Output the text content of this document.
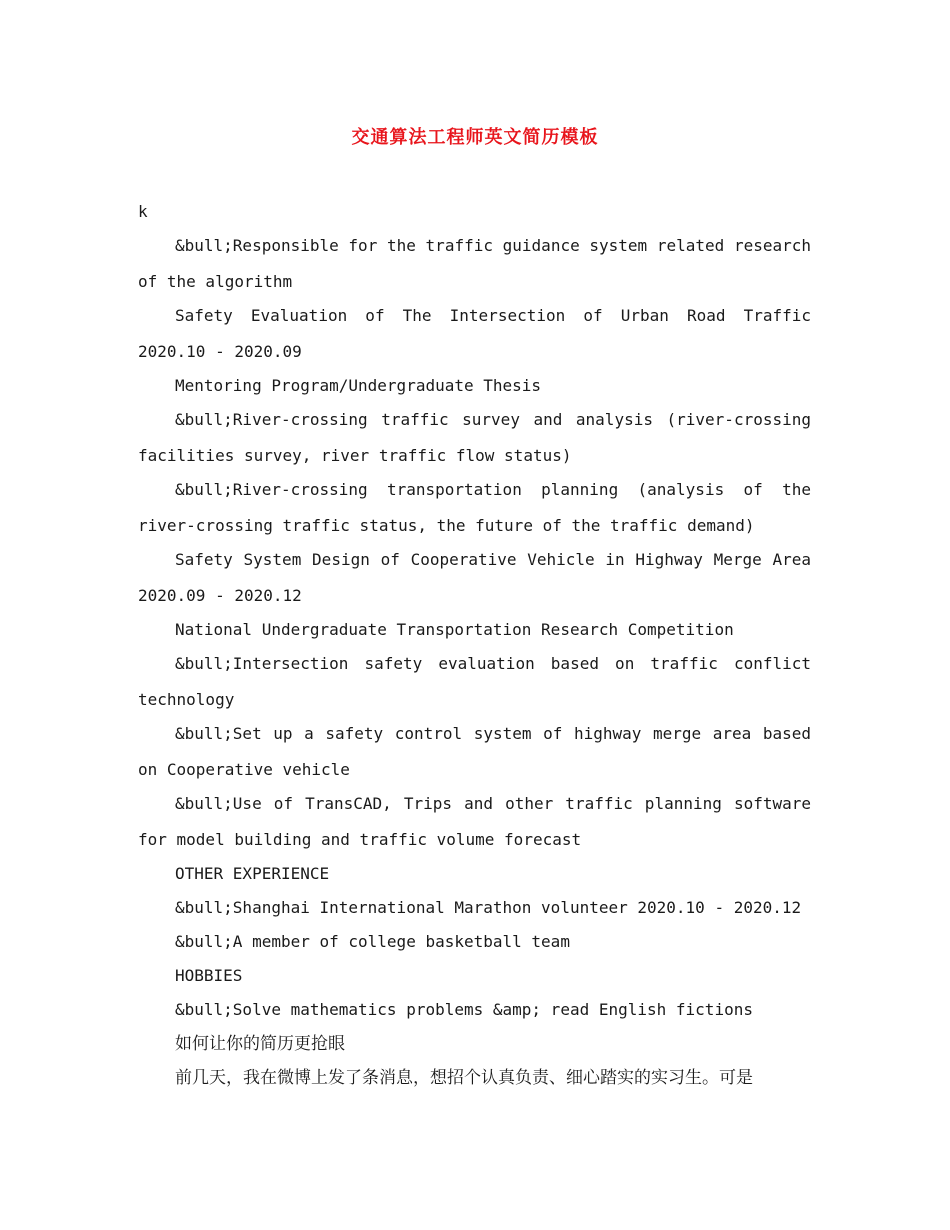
交通算法工程师英文简历模板

k

&bull;Responsible for the traffic guidance system related research of the algorithm

Safety Evaluation of The Intersection of Urban Road Traffic 2020.10 - 2020.09

Mentoring Program/Undergraduate Thesis

&bull;River-crossing traffic survey and analysis (river-crossing facilities survey, river traffic flow status)

&bull;River-crossing transportation planning (analysis of the river-crossing traffic status, the future of the traffic demand)

Safety System Design of Cooperative Vehicle in Highway Merge Area 2020.09 - 2020.12

National Undergraduate Transportation Research Competition

&bull;Intersection safety evaluation based on traffic conflict technology

&bull;Set up a safety control system of highway merge area based on Cooperative vehicle

&bull;Use of TransCAD, Trips and other traffic planning software for model building and traffic volume forecast

OTHER EXPERIENCE

&bull;Shanghai International Marathon volunteer 2020.10 - 2020.12

&bull;A member of college basketball team

HOBBIES

&bull;Solve mathematics problems &amp; read English fictions

如何让你的简历更抢眼

前几天，我在微博上发了条消息，想招个认真负责、细心踏实的实习生。可是
